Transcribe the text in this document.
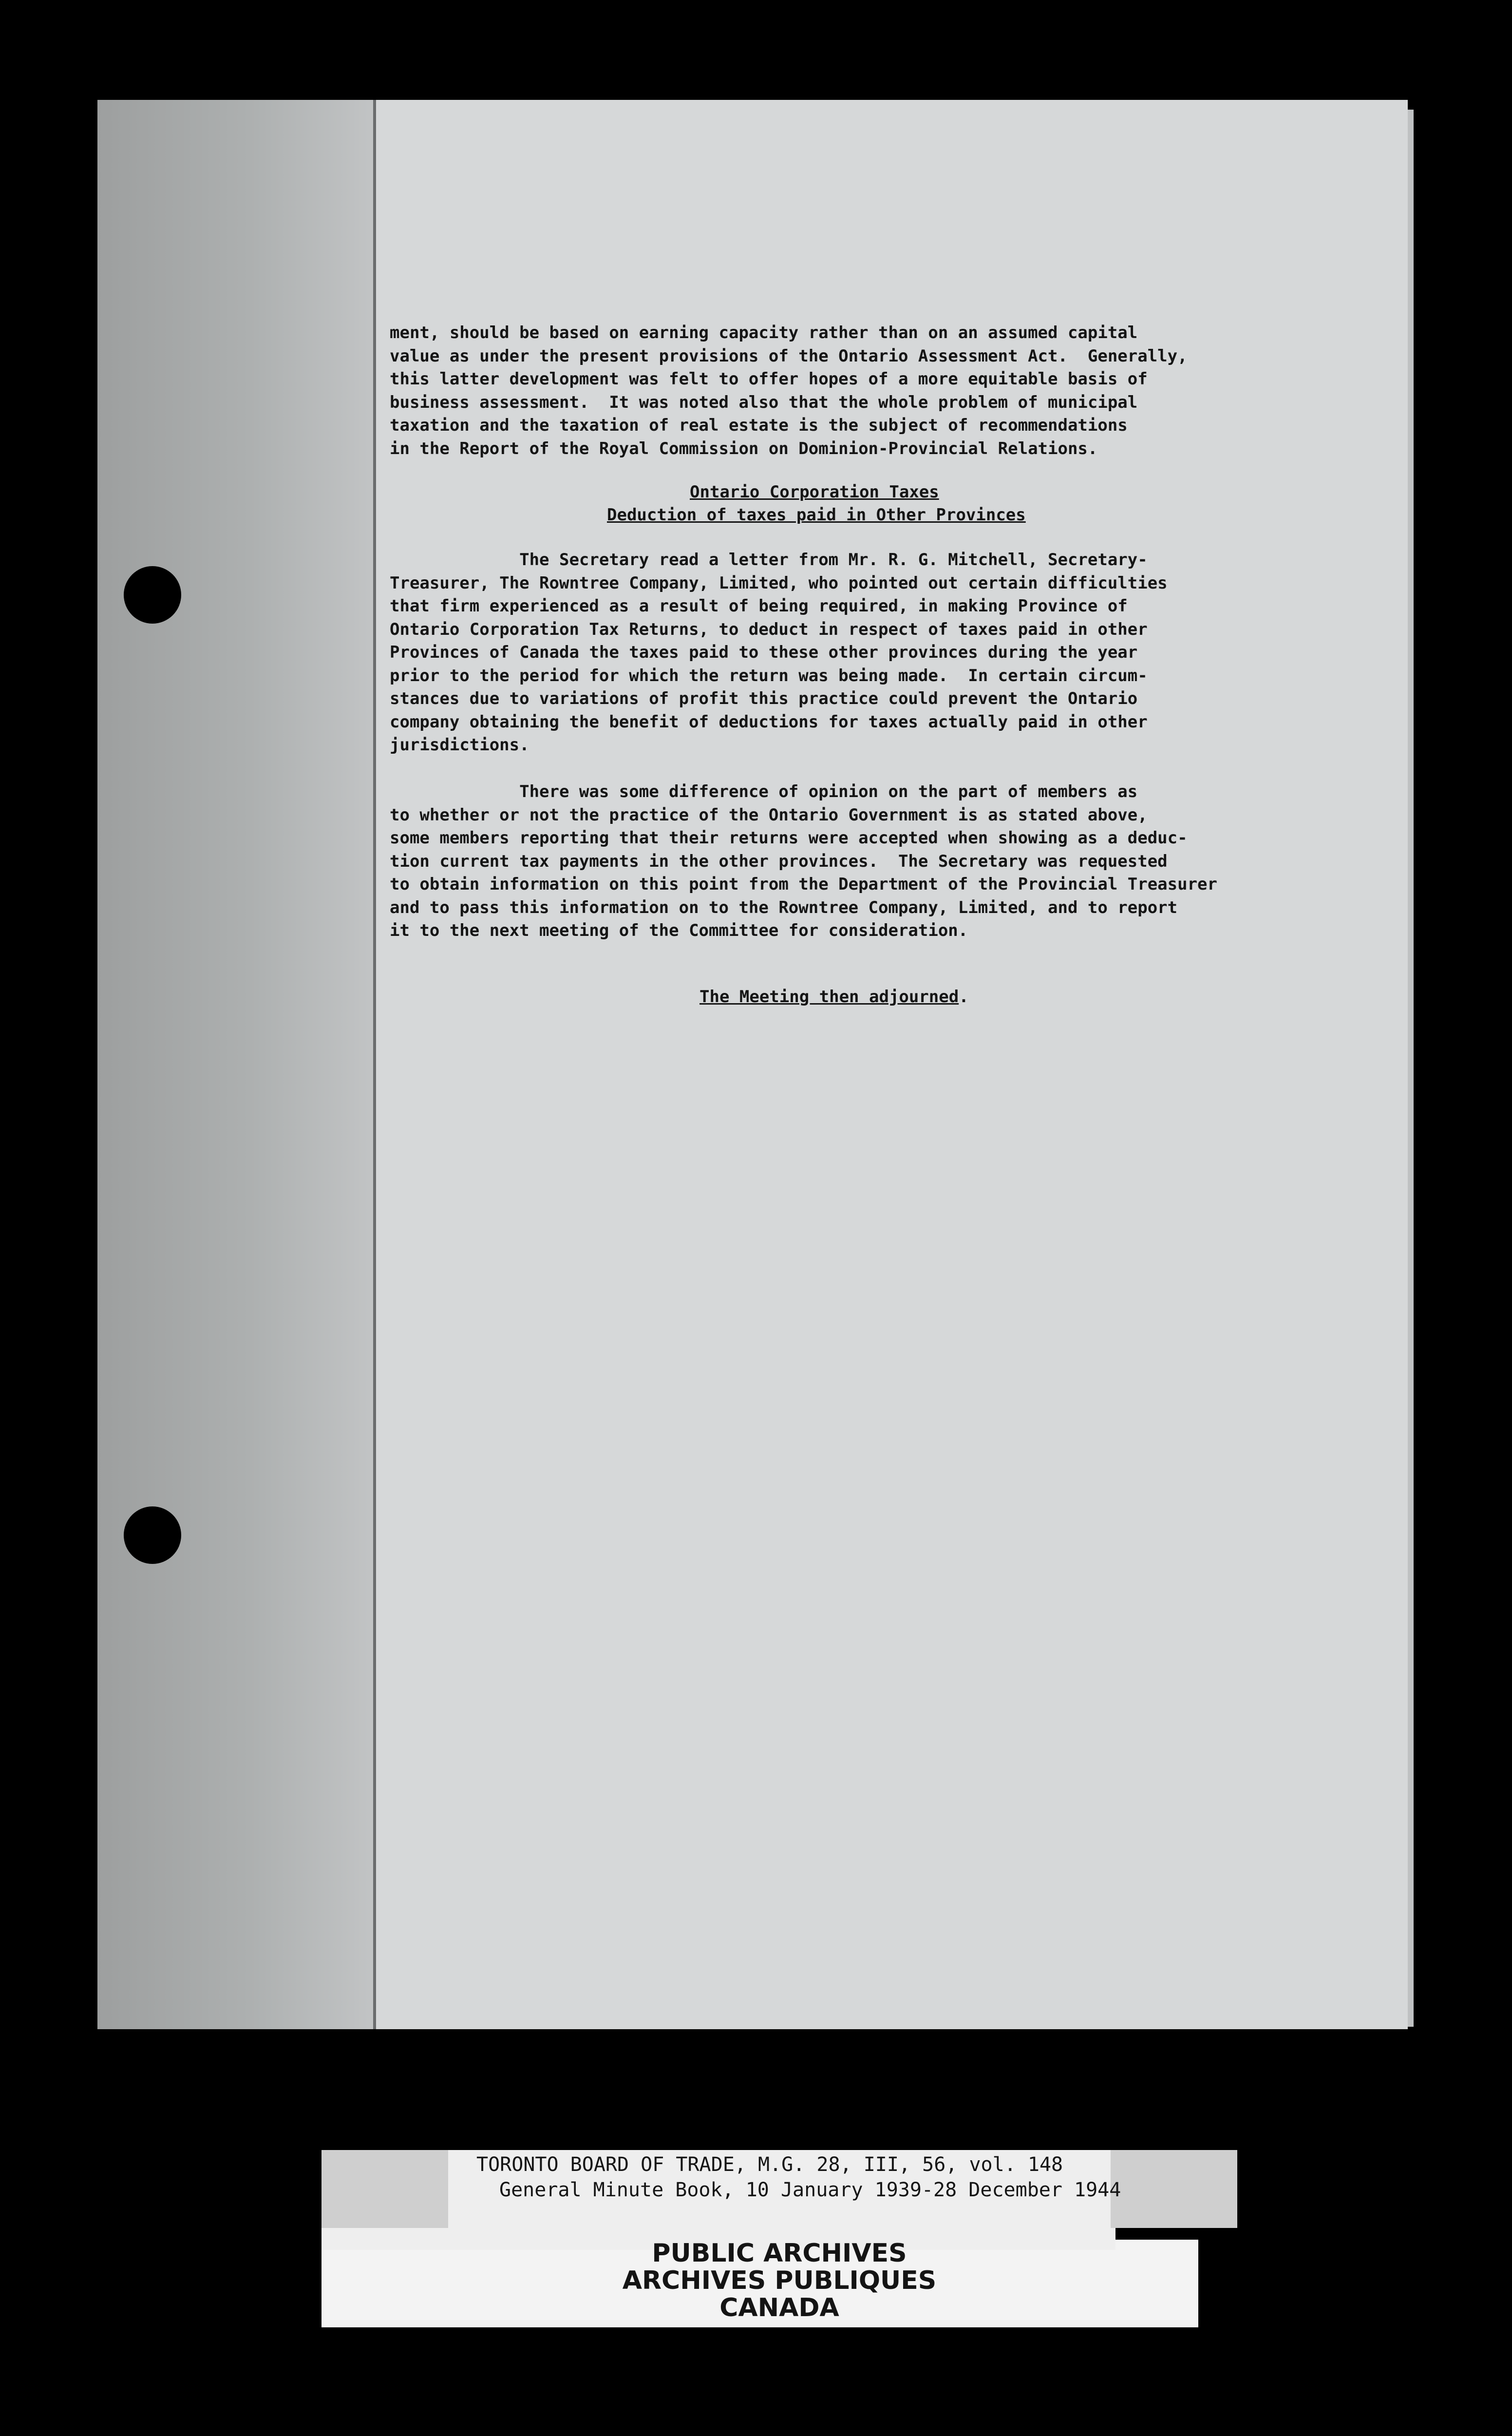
ment, should be based on earning capacity rather than on an assumed capital
value as under the present provisions of the Ontario Assessment Act.  Generally,
this latter development was felt to offer hopes of a more equitable basis of
business assessment.  It was noted also that the whole problem of municipal
taxation and the taxation of real estate is the subject of recommendations
in the Report of the Royal Commission on Dominion-Provincial Relations.
Ontario Corporation Taxes
Deduction of taxes paid in Other Provinces
The Secretary read a letter from Mr. R. G. Mitchell, Secretary-
Treasurer, The Rowntree Company, Limited, who pointed out certain difficulties
that firm experienced as a result of being required, in making Province of
Ontario Corporation Tax Returns, to deduct in respect of taxes paid in other
Provinces of Canada the taxes paid to these other provinces during the year
prior to the period for which the return was being made.  In certain circum-
stances due to variations of profit this practice could prevent the Ontario
company obtaining the benefit of deductions for taxes actually paid in other
jurisdictions.
There was some difference of opinion on the part of members as
to whether or not the practice of the Ontario Government is as stated above,
some members reporting that their returns were accepted when showing as a deduc-
tion current tax payments in the other provinces.  The Secretary was requested
to obtain information on this point from the Department of the Provincial Treasurer
and to pass this information on to the Rowntree Company, Limited, and to report
it to the next meeting of the Committee for consideration.
The Meeting then adjourned.
TORONTO BOARD OF TRADE, M.G. 28, III, 56, vol. 148
General Minute Book, 10 January 1939-28 December 1944
PUBLIC ARCHIVES
ARCHIVES PUBLIQUES
CANADA
